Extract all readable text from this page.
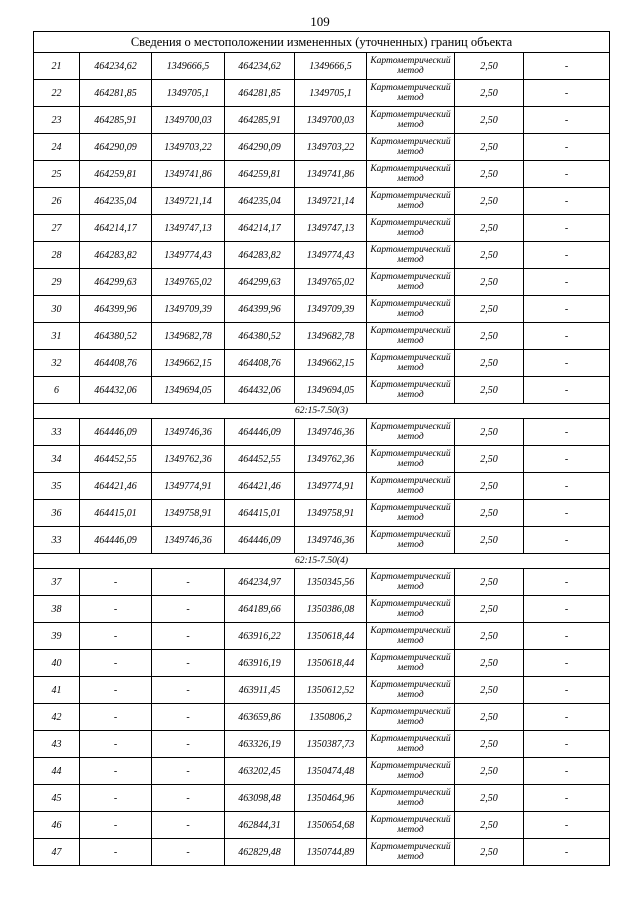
109
Сведения о местоположении измененных (уточненных) границ объекта							
21	464234,62	1349666,5	464234,62	1349666,5	Картометрический метод	2,50	-
22	464281,85	1349705,1	464281,85	1349705,1	Картометрический метод	2,50	-
23	464285,91	1349700,03	464285,91	1349700,03	Картометрический метод	2,50	-
24	464290,09	1349703,22	464290,09	1349703,22	Картометрический метод	2,50	-
25	464259,81	1349741,86	464259,81	1349741,86	Картометрический метод	2,50	-
26	464235,04	1349721,14	464235,04	1349721,14	Картометрический метод	2,50	-
27	464214,17	1349747,13	464214,17	1349747,13	Картометрический метод	2,50	-
28	464283,82	1349774,43	464283,82	1349774,43	Картометрический метод	2,50	-
29	464299,63	1349765,02	464299,63	1349765,02	Картометрический метод	2,50	-
30	464399,96	1349709,39	464399,96	1349709,39	Картометрический метод	2,50	-
31	464380,52	1349682,78	464380,52	1349682,78	Картометрический метод	2,50	-
32	464408,76	1349662,15	464408,76	1349662,15	Картометрический метод	2,50	-
6	464432,06	1349694,05	464432,06	1349694,05	Картометрический метод	2,50	-
62:15-7.50(3)							
33	464446,09	1349746,36	464446,09	1349746,36	Картометрический метод	2,50	-
34	464452,55	1349762,36	464452,55	1349762,36	Картометрический метод	2,50	-
35	464421,46	1349774,91	464421,46	1349774,91	Картометрический метод	2,50	-
36	464415,01	1349758,91	464415,01	1349758,91	Картометрический метод	2,50	-
33	464446,09	1349746,36	464446,09	1349746,36	Картометрический метод	2,50	-
62:15-7.50(4)							
37	-	-	464234,97	1350345,56	Картометрический метод	2,50	-
38	-	-	464189,66	1350386,08	Картометрический метод	2,50	-
39	-	-	463916,22	1350618,44	Картометрический метод	2,50	-
40	-	-	463916,19	1350618,44	Картометрический метод	2,50	-
41	-	-	463911,45	1350612,52	Картометрический метод	2,50	-
42	-	-	463659,86	1350806,2	Картометрический метод	2,50	-
43	-	-	463326,19	1350387,73	Картометрический метод	2,50	-
44	-	-	463202,45	1350474,48	Картометрический метод	2,50	-
45	-	-	463098,48	1350464,96	Картометрический метод	2,50	-
46	-	-	462844,31	1350654,68	Картометрический метод	2,50	-
47	-	-	462829,48	1350744,89	Картометрический метод	2,50	-
